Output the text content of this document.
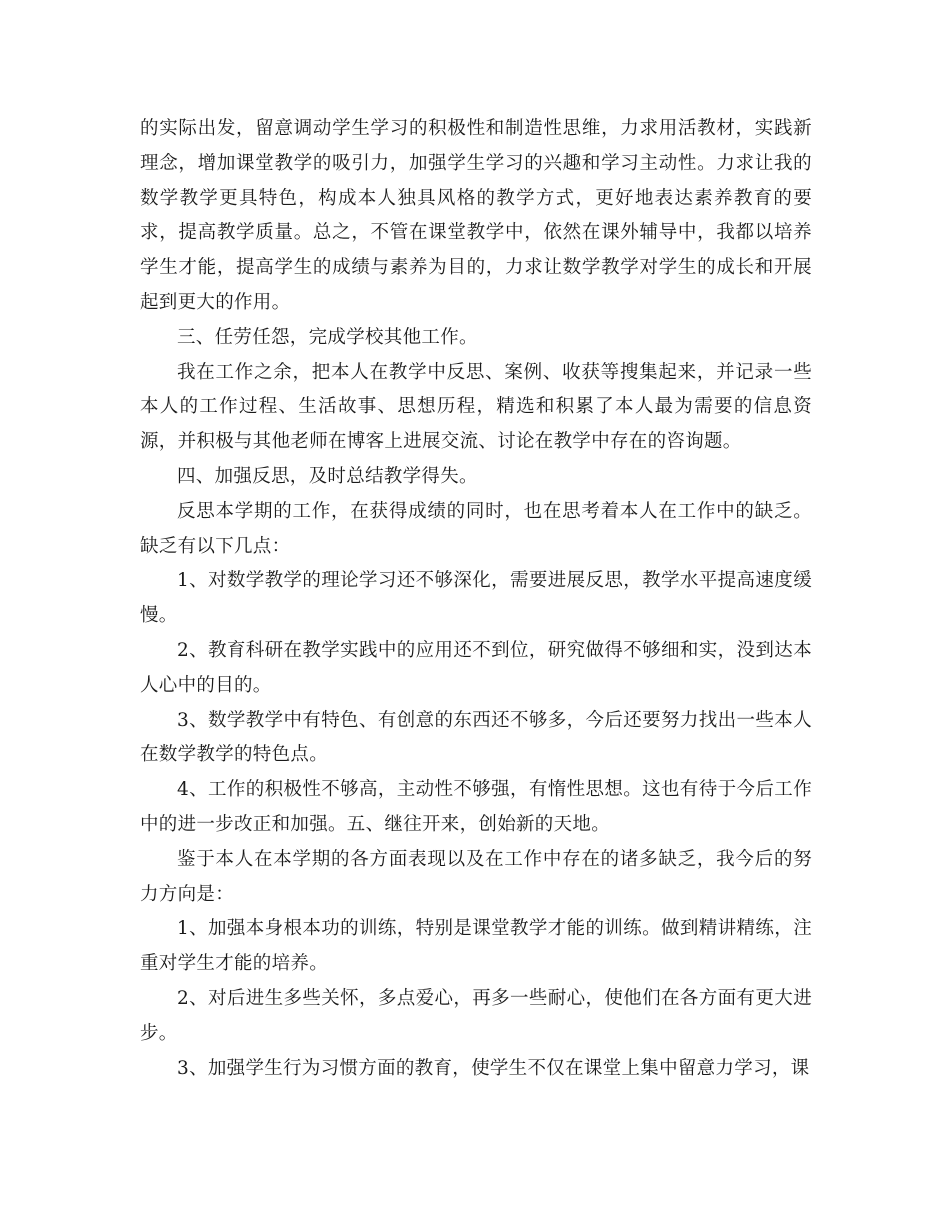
的实际出发，留意调动学生学习的积极性和制造性思维，力求用活教材，实践新理念，增加课堂教学的吸引力，加强学生学习的兴趣和学习主动性。力求让我的数学教学更具特色，构成本人独具风格的教学方式，更好地表达素养教育的要求，提高教学质量。总之，不管在课堂教学中，依然在课外辅导中，我都以培养学生才能，提高学生的成绩与素养为目的，力求让数学教学对学生的成长和开展起到更大的作用。

三、任劳任怨，完成学校其他工作。

我在工作之余，把本人在教学中反思、案例、收获等搜集起来，并记录一些本人的工作过程、生活故事、思想历程，精选和积累了本人最为需要的信息资源，并积极与其他老师在博客上进展交流、讨论在教学中存在的咨询题。

四、加强反思，及时总结教学得失。

反思本学期的工作，在获得成绩的同时，也在思考着本人在工作中的缺乏。缺乏有以下几点：

1、对数学教学的理论学习还不够深化，需要进展反思，教学水平提高速度缓慢。

2、教育科研在教学实践中的应用还不到位，研究做得不够细和实，没到达本人心中的目的。

3、数学教学中有特色、有创意的东西还不够多，今后还要努力找出一些本人在数学教学的特色点。

4、工作的积极性不够高，主动性不够强，有惰性思想。这也有待于今后工作中的进一步改正和加强。五、继往开来，创始新的天地。

鉴于本人在本学期的各方面表现以及在工作中存在的诸多缺乏，我今后的努力方向是：

1、加强本身根本功的训练，特别是课堂教学才能的训练。做到精讲精练，注重对学生才能的培养。

2、对后进生多些关怀，多点爱心，再多一些耐心，使他们在各方面有更大进步。

3、加强学生行为习惯方面的教育，使学生不仅在课堂上集中留意力学习，课
